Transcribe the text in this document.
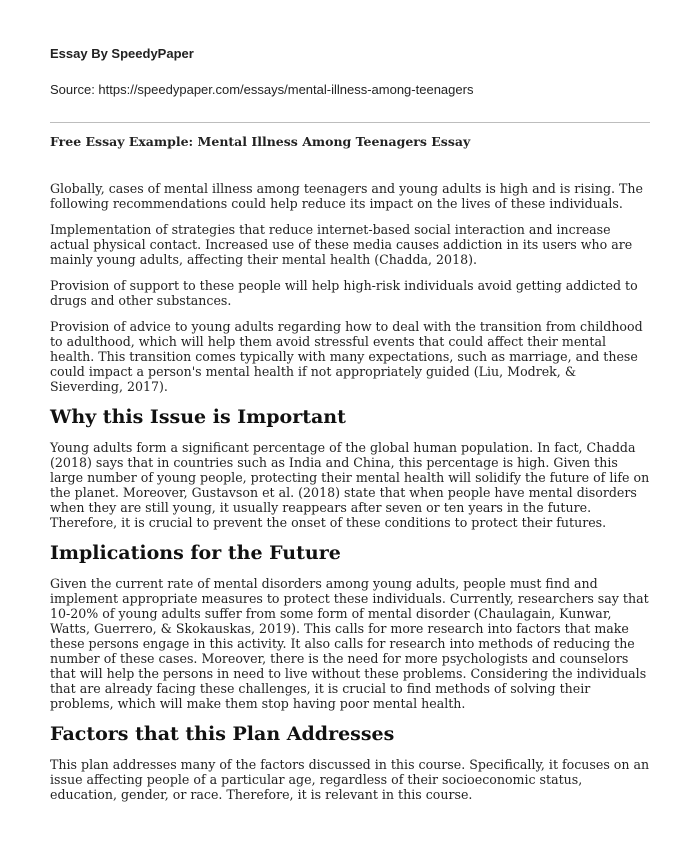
Essay By SpeedyPaper
Source: https://speedypaper.com/essays/mental-illness-among-teenagers
Free Essay Example: Mental Illness Among Teenagers Essay

Globally, cases of mental illness among teenagers and young adults is high and is rising. The following recommendations could help reduce its impact on the lives of these individuals.

Implementation of strategies that reduce internet-based social interaction and increase actual physical contact. Increased use of these media causes addiction in its users who are mainly young adults, affecting their mental health (Chadda, 2018).

Provision of support to these people will help high-risk individuals avoid getting addicted to drugs and other substances.

Provision of advice to young adults regarding how to deal with the transition from childhood to adulthood, which will help them avoid stressful events that could affect their mental health. This transition comes typically with many expectations, such as marriage, and these could impact a person's mental health if not appropriately guided (Liu, Modrek, & Sieverding, 2017).

Why this Issue is Important

Young adults form a significant percentage of the global human population. In fact, Chadda (2018) says that in countries such as India and China, this percentage is high. Given this large number of young people, protecting their mental health will solidify the future of life on the planet. Moreover, Gustavson et al. (2018) state that when people have mental disorders when they are still young, it usually reappears after seven or ten years in the future. Therefore, it is crucial to prevent the onset of these conditions to protect their futures.

Implications for the Future

Given the current rate of mental disorders among young adults, people must find and implement appropriate measures to protect these individuals. Currently, researchers say that 10-20% of young adults suffer from some form of mental disorder (Chaulagain, Kunwar, Watts, Guerrero, & Skokauskas, 2019). This calls for more research into factors that make these persons engage in this activity. It also calls for research into methods of reducing the number of these cases. Moreover, there is the need for more psychologists and counselors that will help the persons in need to live without these problems. Considering the individuals that are already facing these challenges, it is crucial to find methods of solving their problems, which will make them stop having poor mental health.

Factors that this Plan Addresses

This plan addresses many of the factors discussed in this course. Specifically, it focuses on an issue affecting people of a particular age, regardless of their socioeconomic status, education, gender, or race. Therefore, it is relevant in this course.
